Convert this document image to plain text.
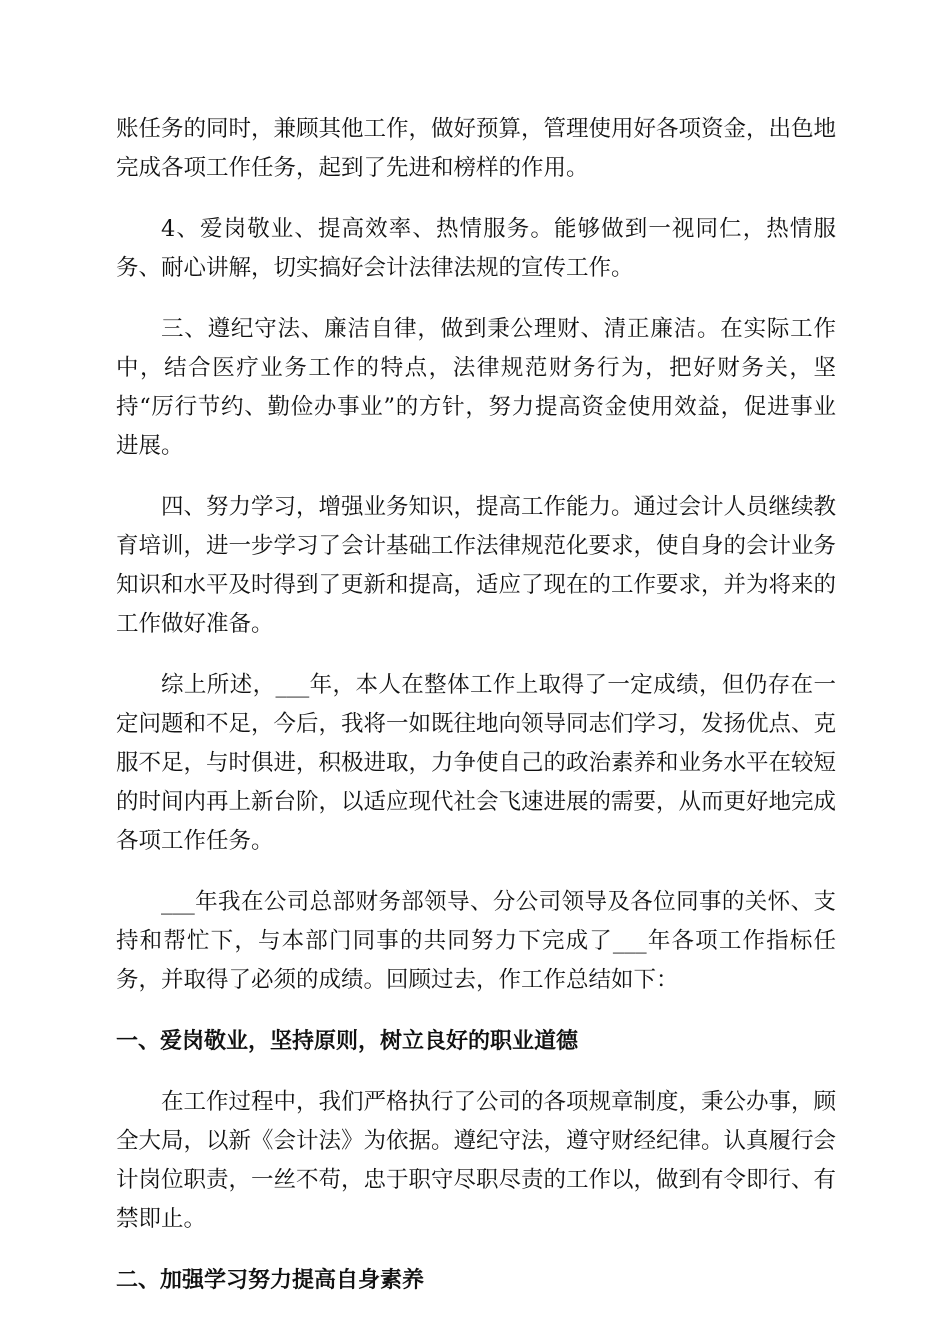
账任务的同时，兼顾其他工作，做好预算，管理使用好各项资金，出色地完成各项工作任务，起到了先进和榜样的作用。

4、爱岗敬业、提高效率、热情服务。能够做到一视同仁，热情服务、耐心讲解，切实搞好会计法律法规的宣传工作。

三、遵纪守法、廉洁自律，做到秉公理财、清正廉洁。在实际工作中，结合医疗业务工作的特点，法律规范财务行为，把好财务关，坚持“厉行节约、勤俭办事业”的方针，努力提高资金使用效益，促进事业进展。

四、努力学习，增强业务知识，提高工作能力。通过会计人员继续教育培训，进一步学习了会计基础工作法律规范化要求，使自身的会计业务知识和水平及时得到了更新和提高，适应了现在的工作要求，并为将来的工作做好准备。

综上所述，___年，本人在整体工作上取得了一定成绩，但仍存在一定问题和不足，今后，我将一如既往地向领导同志们学习，发扬优点、克服不足，与时俱进，积极进取，力争使自己的政治素养和业务水平在较短的时间内再上新台阶，以适应现代社会飞速进展的需要，从而更好地完成各项工作任务。

___年我在公司总部财务部领导、分公司领导及各位同事的关怀、支持和帮忙下，与本部门同事的共同努力下完成了___年各项工作指标任务，并取得了必须的成绩。回顾过去，作工作总结如下：

一、爱岗敬业，坚持原则，树立良好的职业道德

在工作过程中，我们严格执行了公司的各项规章制度，秉公办事，顾全大局，以新《会计法》为依据。遵纪守法，遵守财经纪律。认真履行会计岗位职责，一丝不苟，忠于职守尽职尽责的工作以，做到有令即行、有禁即止。

二、加强学习努力提高自身素养
